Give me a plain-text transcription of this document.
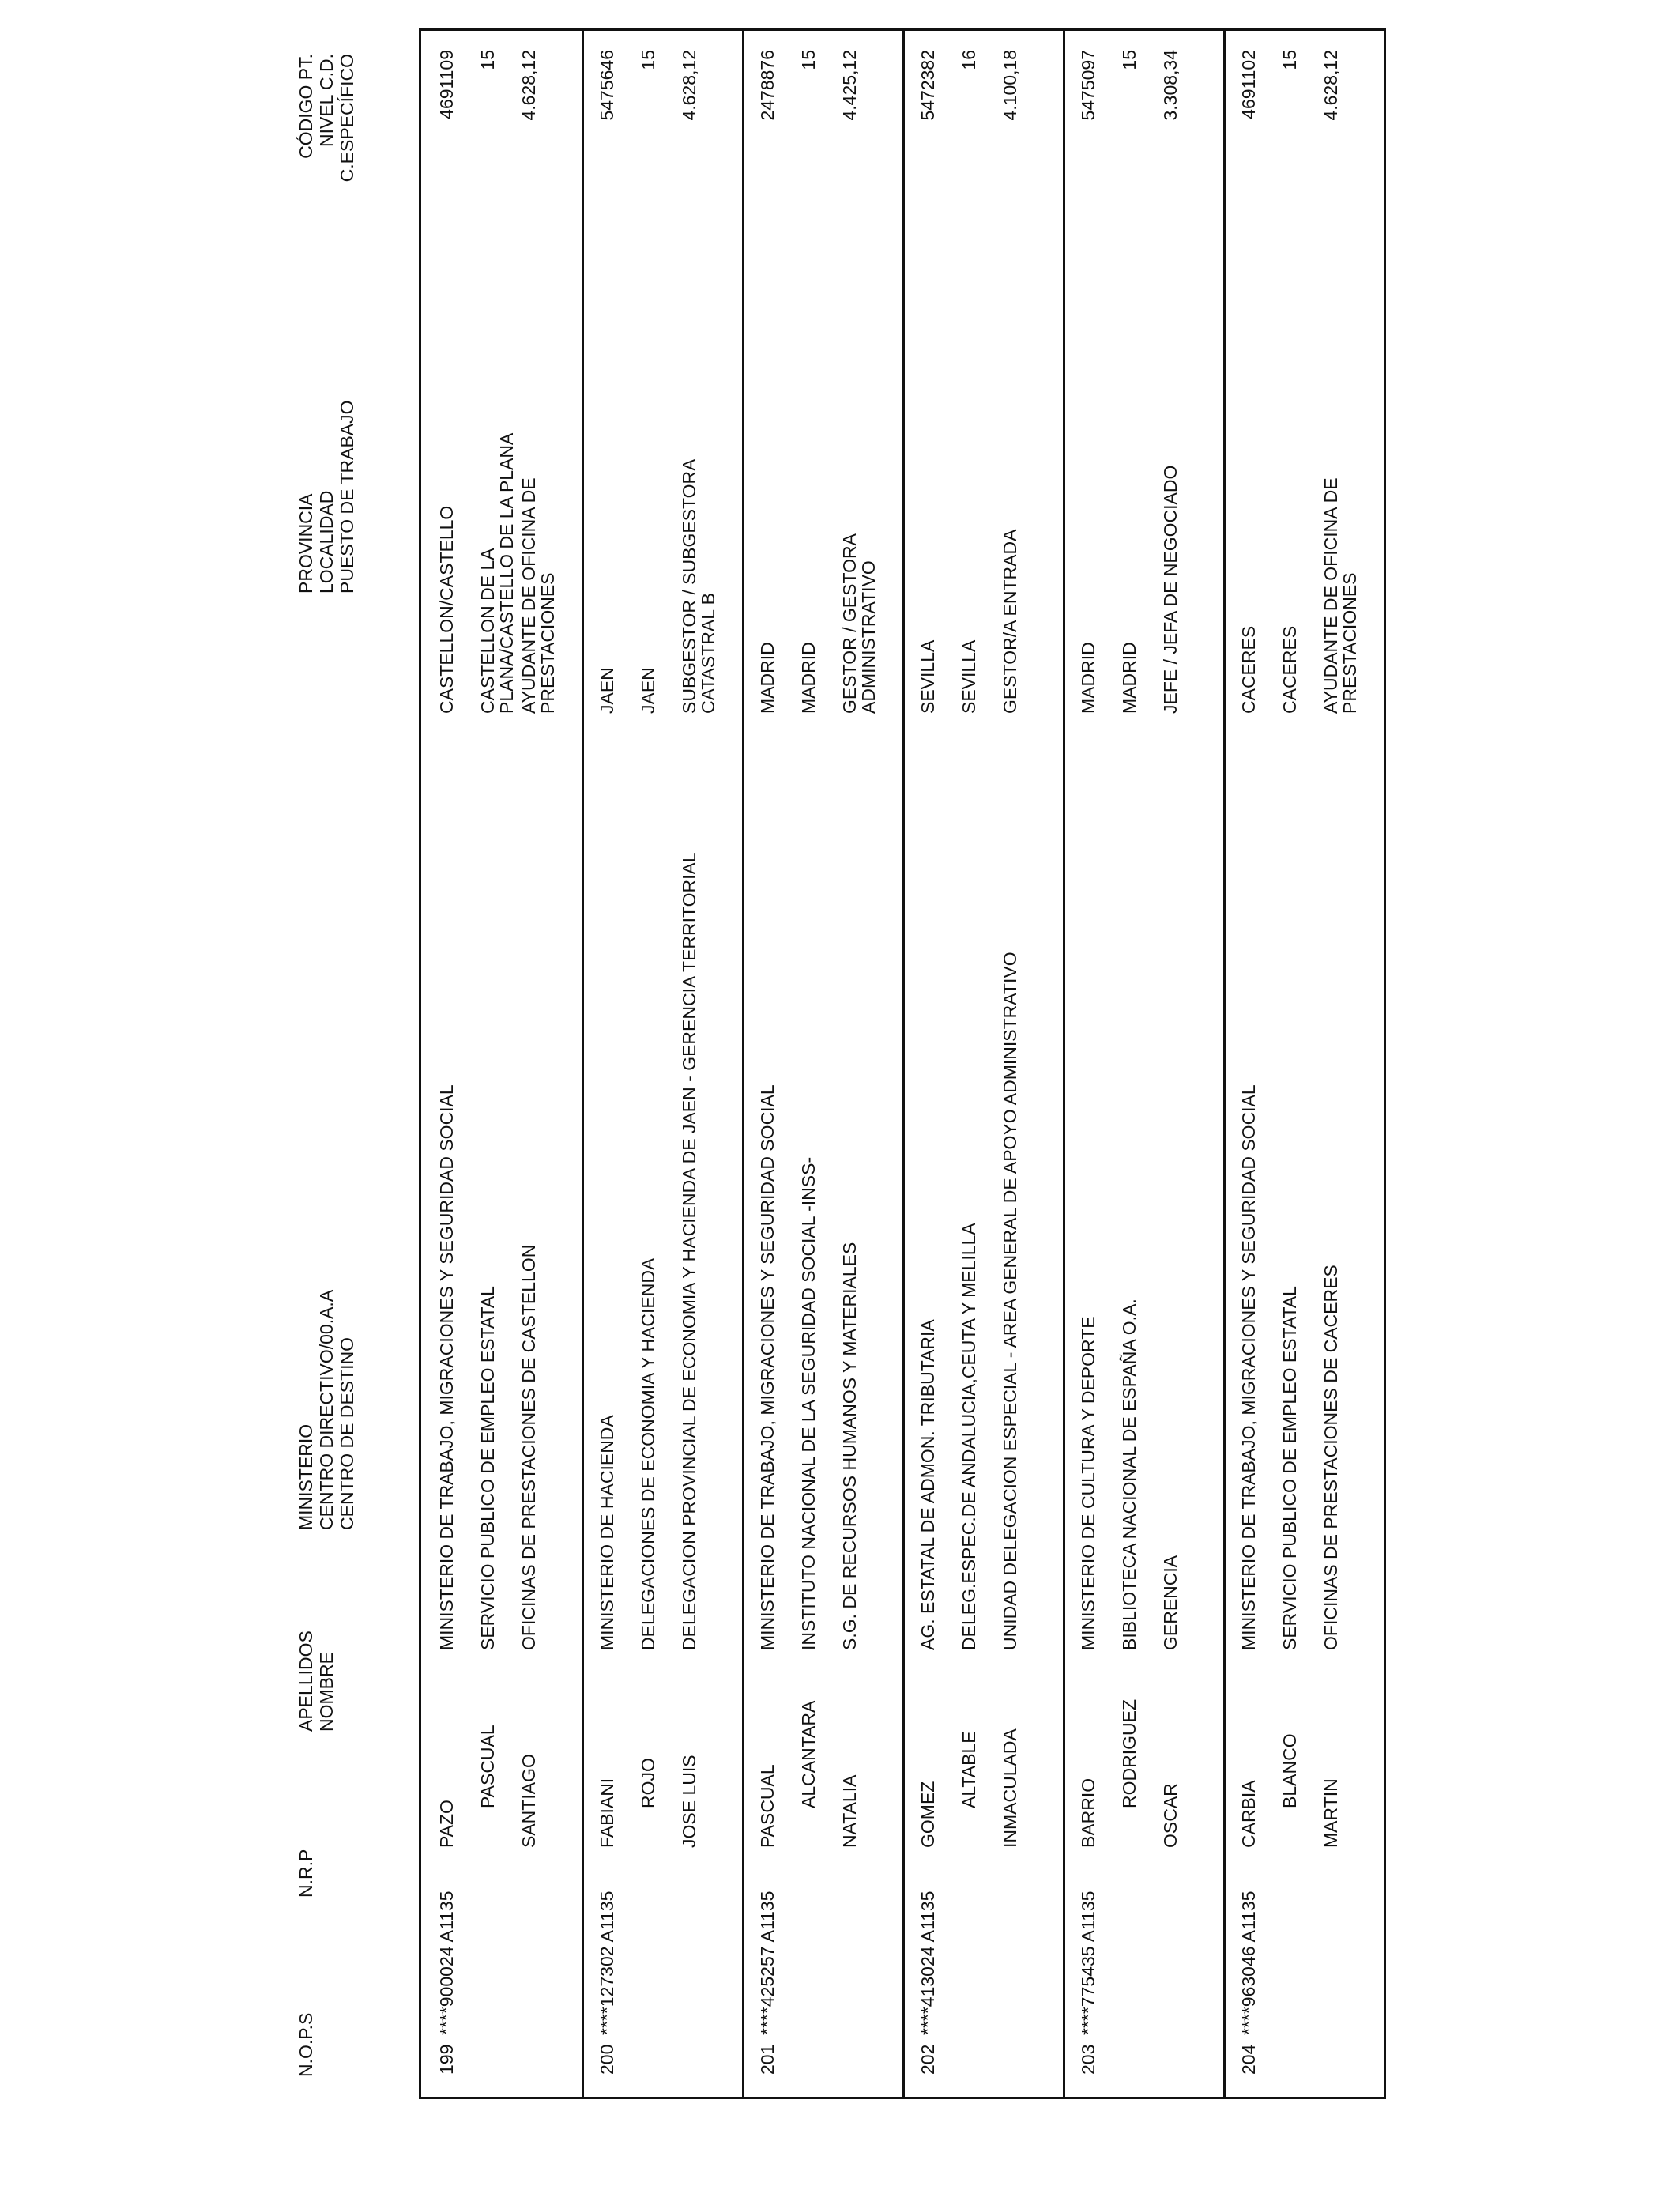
N.O.P.S
N.R.P
APELLIDOS NOMBRE
MINISTERIO CENTRO DIRECTIVO/00.A.A CENTRO DE DESTINO
PROVINCIA LOCALIDAD PUESTO DE TRABAJO
CÓDIGO PT. NIVEL C.D. C.ESPECÍFICO
199
****900024 A1135
PAZO
PASCUAL SANTIAGO
MINISTERIO DE TRABAJO, MIGRACIONES Y SEGURIDAD SOCIAL SERVICIO PUBLICO DE EMPLEO ESTATAL OFICINAS DE PRESTACIONES DE CASTELLON
CASTELLON/CASTELLO CASTELLON DE LA PLANA/CASTELLO DE LA PLANA AYUDANTE DE OFICINA DE PRESTACIONES
4691109 15 4.628,12
200
****127302 A1135
FABIANI ROJO JOSE LUIS
MINISTERIO DE HACIENDA DELEGACIONES DE ECONOMIA Y HACIENDA DELEGACION PROVINCIAL DE ECONOMIA Y HACIENDA DE JAEN - GERENCIA TERRITORIAL
JAEN JAEN SUBGESTOR / SUBGESTORA CATASTRAL B
5475646 15 4.628,12
201
****425257 A1135
PASCUAL ALCANTARA
NATALIA
MINISTERIO DE TRABAJO, MIGRACIONES Y SEGURIDAD SOCIAL INSTITUTO NACIONAL DE LA SEGURIDAD SOCIAL -INSS- S.G. DE RECURSOS HUMANOS Y MATERIALES
MADRID MADRID GESTOR / GESTORA ADMINISTRATIVO
2478876 15 4.425,12
202
****413024 A1135
GOMEZ
ALTABLE INMACULADA
AG. ESTATAL DE ADMON. TRIBUTARIA DELEG.ESPEC.DE ANDALUCIA,CEUTA Y MELILLA UNIDAD DELEGACION ESPECIAL - AREA GENERAL DE APOYO ADMINISTRATIVO
SEVILLA SEVILLA GESTOR/A ENTRADA
5472382 16 4.100,18
203
****775435 A1135
BARRIO
RODRIGUEZ
OSCAR
MINISTERIO DE CULTURA Y DEPORTE BIBLIOTECA NACIONAL DE ESPAÑA O.A. GERENCIA
MADRID MADRID JEFE / JEFA DE NEGOCIADO
5475097 15 3.308,34
204
****963046 A1135
CARBIA
BLANCO
MARTIN
MINISTERIO DE TRABAJO, MIGRACIONES Y SEGURIDAD SOCIAL SERVICIO PUBLICO DE EMPLEO ESTATAL OFICINAS DE PRESTACIONES DE CACERES
CACERES CACERES AYUDANTE DE OFICINA DE PRESTACIONES
4691102 15 4.628,12
